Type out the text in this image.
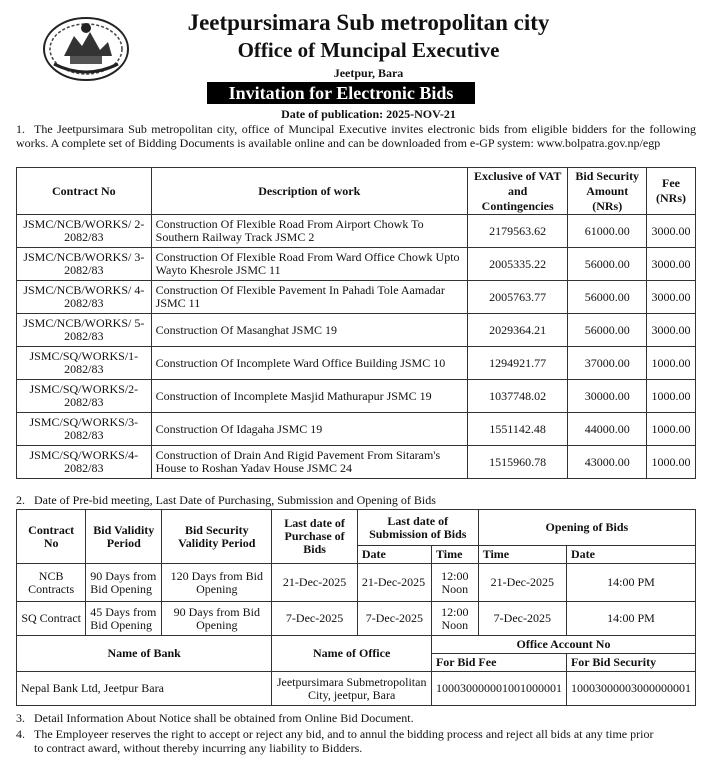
Jeetpursimara Sub metropolitan city
Office of Muncipal Executive
Jeetpur, Bara
Invitation for Electronic Bids
Date of publication: 2025-NOV-21
1. The Jeetpursimara Sub metropolitan city, office of Muncipal Executive invites electronic bids from eligible bidders for the following works. A complete set of Bidding Documents is available online and can be downloaded from e-GP system: www.bolpatra.gov.np/egp
Contract No	Description of work	Exclusive of VAT and Contingencies	Bid Security Amount (NRs)	Fee (NRs)
JSMC/NCB/WORKS/ 2-2082/83	Construction Of Flexible Road From Airport Chowk To Southern Railway Track JSMC 2	2179563.62	61000.00	3000.00
JSMC/NCB/WORKS/ 3-2082/83	Construction Of Flexible Road From Ward Office Chowk Upto Wayto Khesrole JSMC 11	2005335.22	56000.00	3000.00
JSMC/NCB/WORKS/ 4-2082/83	Construction Of Flexible Pavement In Pahadi Tole Aamadar JSMC 11	2005763.77	56000.00	3000.00
JSMC/NCB/WORKS/ 5-2082/83	Construction Of Masanghat JSMC 19	2029364.21	56000.00	3000.00
JSMC/SQ/WORKS/1- 2082/83	Construction Of Incomplete Ward Office Building JSMC 10	1294921.77	37000.00	1000.00
JSMC/SQ/WORKS/2- 2082/83	Construction of Incomplete Masjid Mathurapur JSMC 19	1037748.02	30000.00	1000.00
JSMC/SQ/WORKS/3- 2082/83	Construction Of Idagaha JSMC 19	1551142.48	44000.00	1000.00
JSMC/SQ/WORKS/4- 2082/83	Construction of Drain And Rigid Pavement From Sitaram's House to Roshan Yadav House JSMC 24	1515960.78	43000.00	1000.00
2. Date of Pre-bid meeting, Last Date of Purchasing, Submission and Opening of Bids
Contract No	Bid Validity Period	Bid Security Validity Period	Last date of Purchase of Bids	Last date of Submission of Bids		Opening of Bids	
				Date	Time	Time	Date
NCB Contracts	90 Days from Bid Opening	120 Days from Bid Opening	21-Dec-2025	21-Dec-2025	12:00 Noon	21-Dec-2025	14:00 PM
SQ Contract	45 Days from Bid Opening	90 Days from Bid Opening	7-Dec-2025	7-Dec-2025	12:00 Noon	7-Dec-2025	14:00 PM
Name of Bank			Name of Office		Office Account No		
					For Bid Fee		For Bid Security
Nepal Bank Ltd, Jeetpur Bara			Jeetpursimara Submetropolitan City, jeetpur, Bara		100030000001001000001		10003000003000000001
3. Detail Information About Notice shall be obtained from Online Bid Document.
4. The Employeer reserves the right to accept or reject any bid, and to annul the bidding process and reject all bids at any time prior
to contract award, without thereby incurring any liability to Bidders.
